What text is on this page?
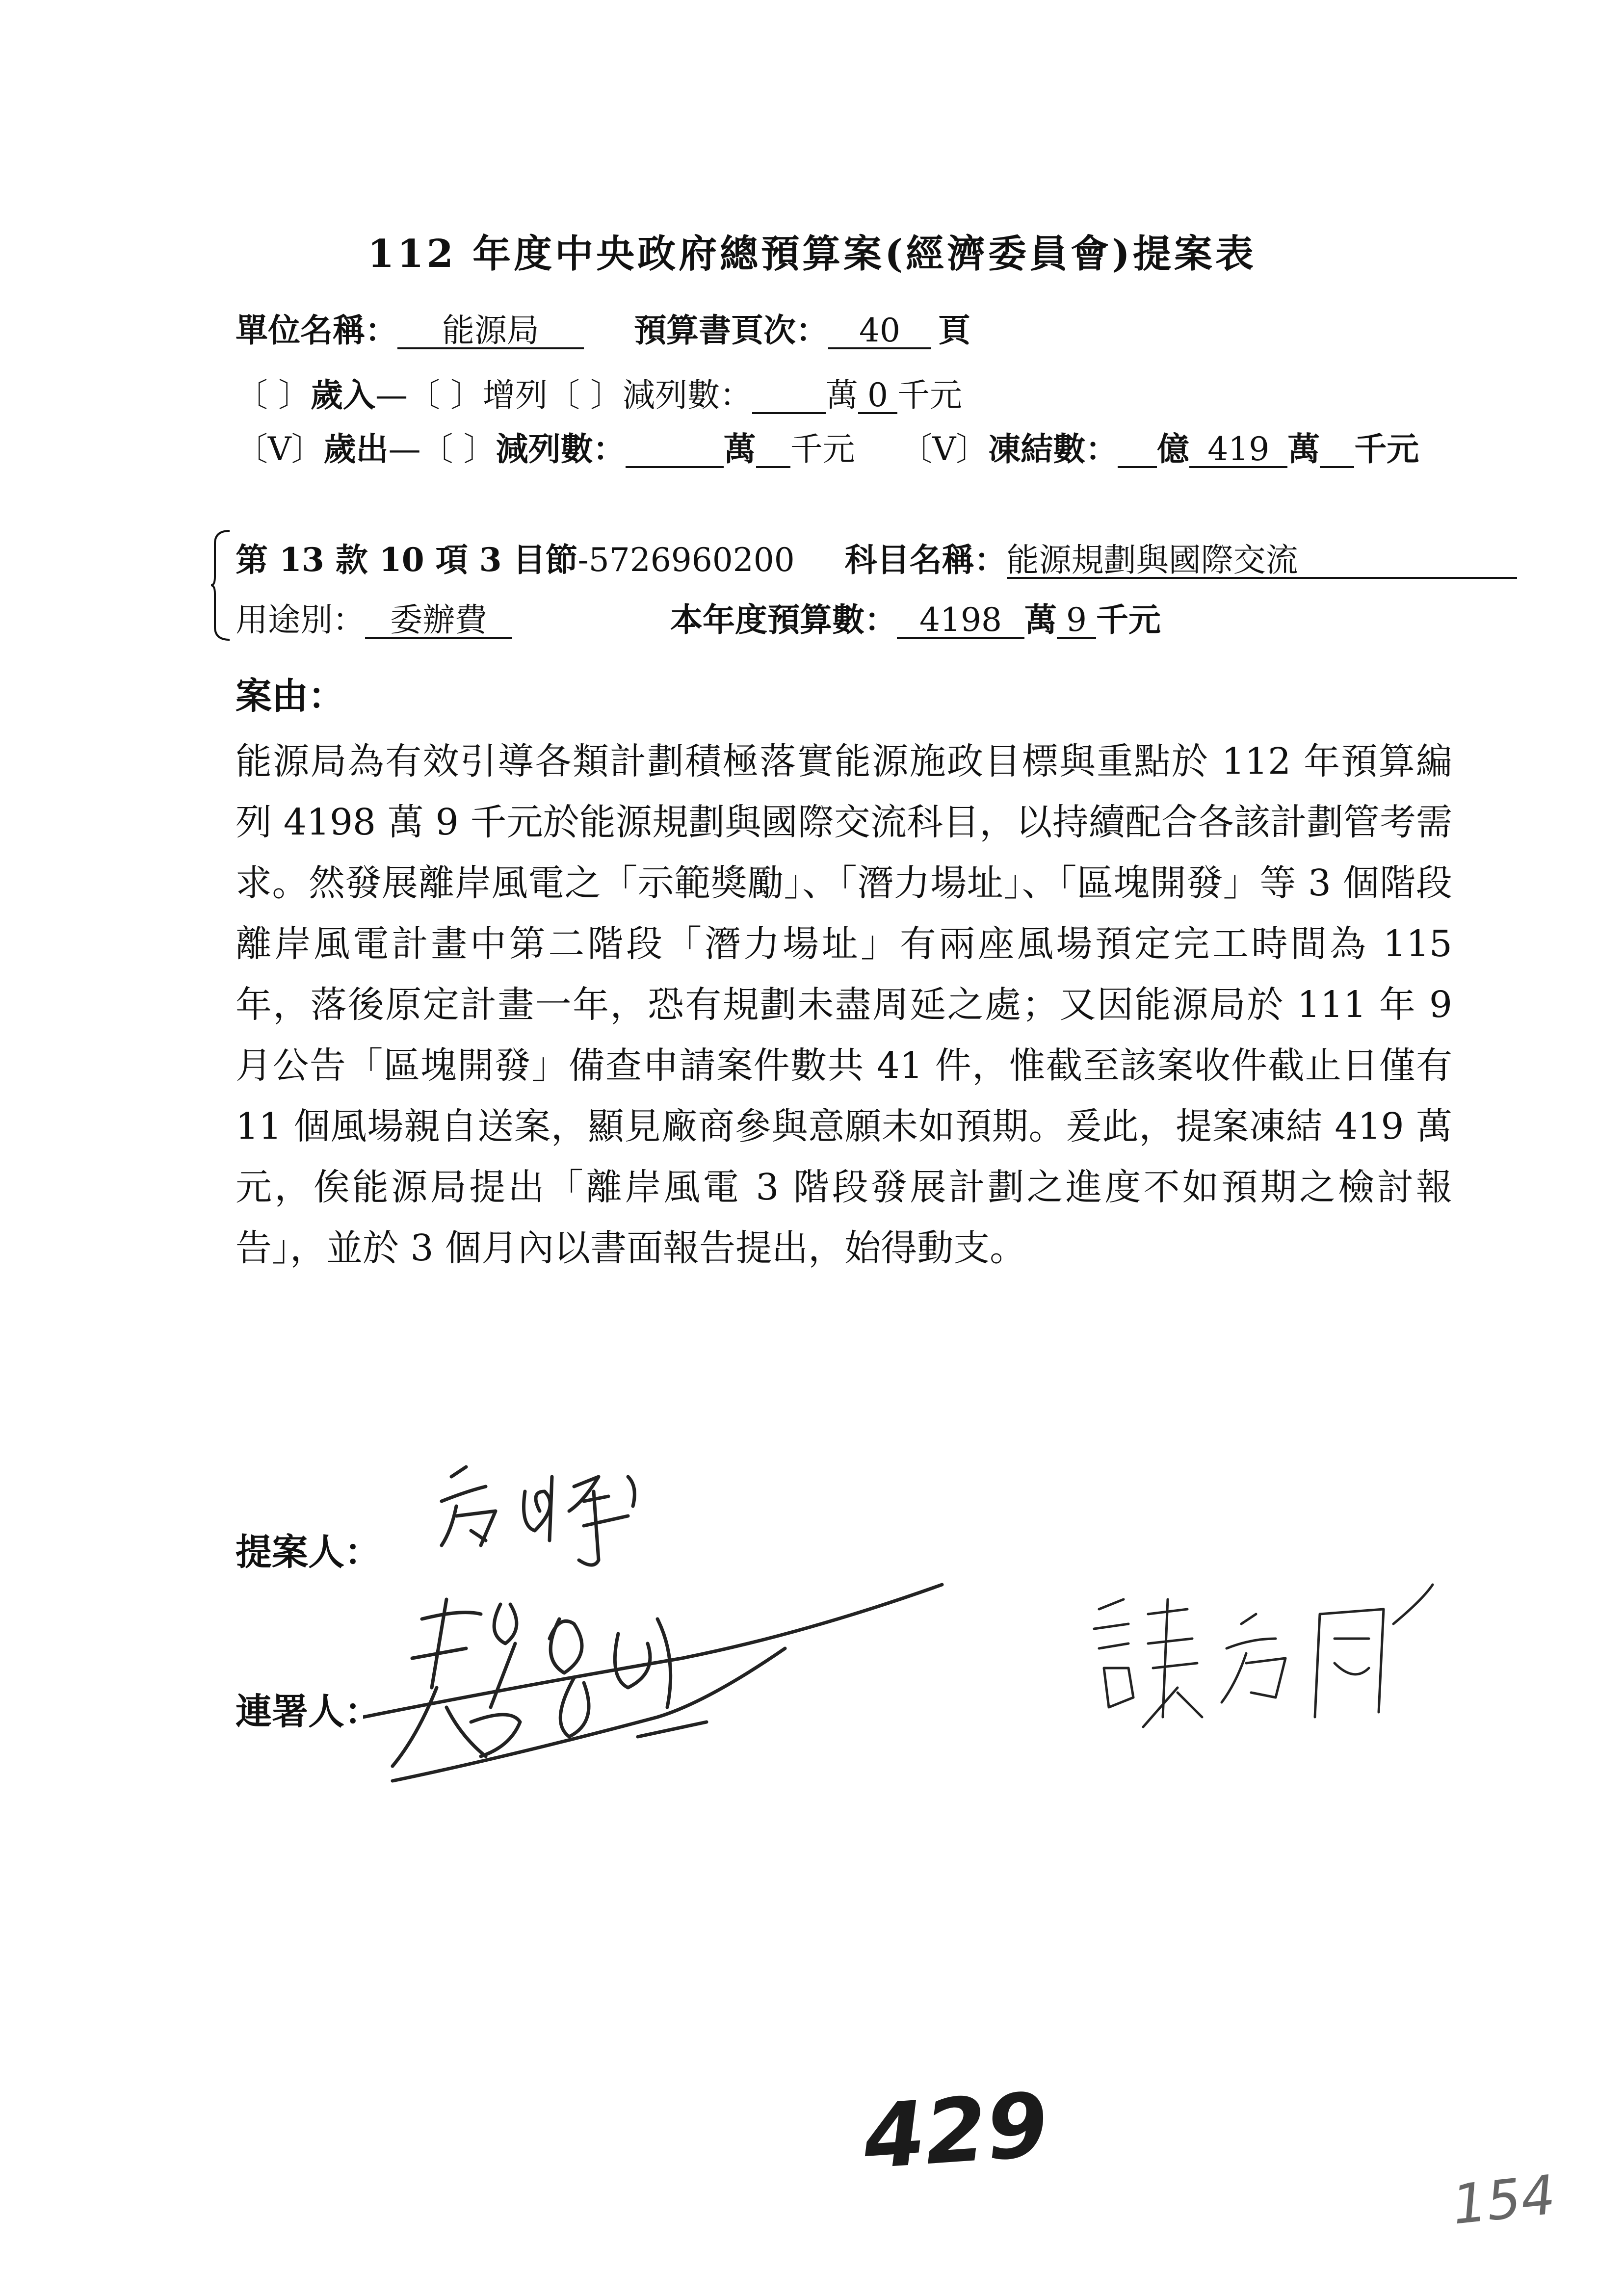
112 年度中央政府總預算案(經濟委員會)提案表
單位名稱： 能源局	預算書頁次： 40 頁
〔 〕歲入—〔 〕增列〔 〕減列數： 萬 0 千元
〔V〕歲出—〔 〕減列數：	萬 千元 〔V〕凍結數： 億 419 萬 千元
第 13 款 10 項 3 目節-5726960200 科目名稱：能源規劃與國際交流
用途別： 委辦費	本年度預算數： 4198 萬 9 千元
案由：
能源局為有效引導各類計劃積極落實能源施政目標與重點於 112 年預算編列 4198 萬 9 千元於能源規劃與國際交流科目，以持續配合各該計劃管考需求。然發展離岸風電之「示範獎勵」、「潛力場址」、「區塊開發」等 3 個階段離岸風電計畫中第二階段「潛力場址」有兩座風場預定完工時間為 115 年，落後原定計畫一年，恐有規劃未盡周延之處；又因能源局於 111 年 9 月公告「區塊開發」備查申請案件數共 41 件，惟截至該案收件截止日僅有 11 個風場親自送案，顯見廠商參與意願未如預期。爰此，提案凍結 419 萬元，俟能源局提出「離岸風電 3 階段發展計劃之進度不如預期之檢討報告」，並於 3 個月內以書面報告提出，始得動支。
提案人：
連署人：
429
154
